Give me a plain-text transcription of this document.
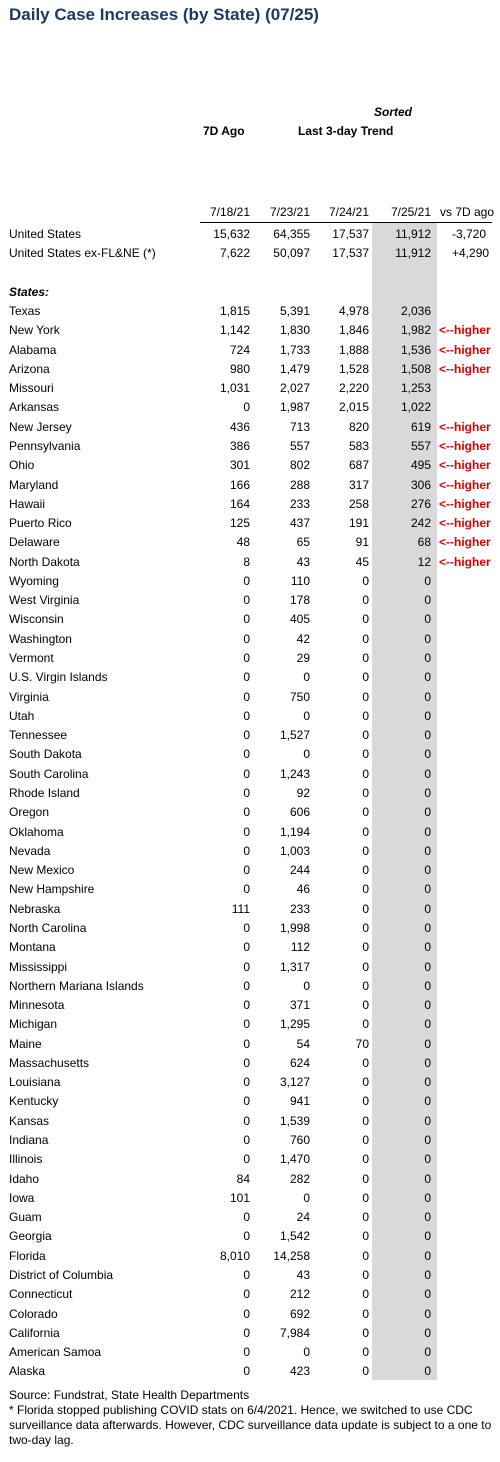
Daily Case Increases (by State) (07/25)
Sorted
7D Ago	Last 3-day Trend
7/18/21 7/23/21 7/24/21 7/25/21 vs 7D ago
United States	15,632 64,355 17,537 11,912 -3,720
United States ex-FL&NE (*)	7,622 50,097 17,537 11,912 +4,290
States:
Texas	1,815 5,391 4,978	2,036
New York	1,142 1,830 1,846	1,982 <--higher
Alabama	724 1,733 1,888	1,536 <--higher
Arizona	980 1,479 1,528	1,508 <--higher
Missouri	1,031 2,027 2,220	1,253
Arkansas	0 1,987 2,015	1,022
New Jersey	436	713	820	619 <--higher
Pennsylvania	386	557	583	557 <--higher
Ohio	301	802	687	495 <--higher
Maryland	166	288	317	306 <--higher
Hawaii	164	233	258	276 <--higher
Puerto Rico	125	437	191	242 <--higher
Delaware	48	65	91	68 <--higher
North Dakota	8	43	45	12 <--higher
Wyoming	0	110	0	0
West Virginia	0	178	0	0
Wisconsin	0	405	0	0
Washington	0	42	0	0
Vermont	0	29	0	0
U.S. Virgin Islands	0	0	0	0
Virginia	0	750	0	0
Utah	0	0	0	0
Tennessee	0 1,527	0	0
South Dakota	0	0	0	0
South Carolina	0 1,243	0	0
Rhode Island	0	92	0	0
Oregon	0	606	0	0
Oklahoma	0 1,194	0	0
Nevada	0 1,003	0	0
New Mexico	0	244	0	0
New Hampshire	0	46	0	0
Nebraska	111	233	0	0
North Carolina	0 1,998	0	0
Montana	0	112	0	0
Mississippi	0 1,317	0	0
Northern Mariana Islands	0	0	0	0
Minnesota	0	371	0	0
Michigan	0 1,295	0	0
Maine	0	54	70	0
Massachusetts	0	624	0	0
Louisiana	0 3,127	0	0
Kentucky	0	941	0	0
Kansas	0 1,539	0	0
Indiana	0	760	0	0
Illinois	0 1,470	0	0
Idaho	84	282	0	0
Iowa	101	0	0	0
Guam	0	24	0	0
Georgia	0 1,542	0	0
Florida	8,010 14,258	0	0
District of Columbia	0	43	0	0
Connecticut	0	212	0	0
Colorado	0	692	0	0
California	0 7,984	0	0
American Samoa	0	0	0	0
Alaska	0	423	0	0
Source: Fundstrat, State Health Departments
* Florida stopped publishing COVID stats on 6/4/2021. Hence, we switched to use CDC surveillance data afterwards. However, CDC surveillance data update is subject to a one to two-day lag.
